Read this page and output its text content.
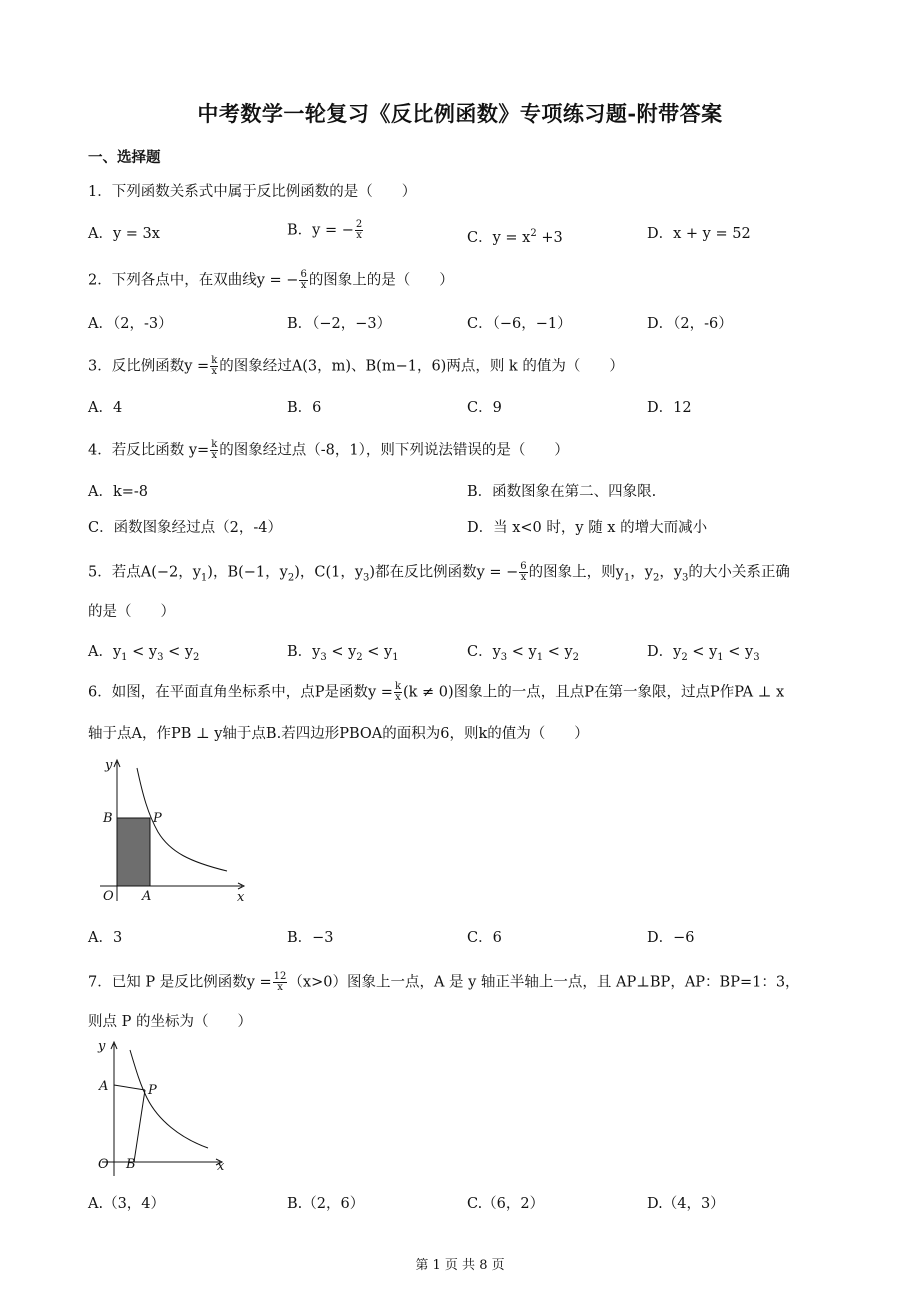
中考数学一轮复习《反比例函数》专项练习题-附带答案
一、选择题
1．下列函数关系式中属于反比例函数的是（　　）
A．y = 3x	B．y = − $\frac{2}{x}$	C．$y = x^2 +3$	D．x + y = 52
2．下列各点中，在双曲线y = − $\frac{6}{x}$ 的图象上的是（　　）
A．（2，-3）	B．（−2，−3）	C．（−6，−1）	D．（2，-6）
3．反比例函数$y = \frac{k}{x}$ 的图象经过A(3，m)、B(m−1，6)两点，则 k 的值为（　　）
A．4	B．6	C．9	D．12
4．若反比函数 $y= \frac{k}{x}$ 的图象经过点（-8，1），则下列说法错误的是（　　）
A．k=-8	B．函数图象在第二、四象限.
C．函数图象经过点（2，-4）	D．当 x<0 时，y 随 x 的增大而减小
5．若点A(−2，$y_1$)，B(−1，$y_2$)，C(1，$y_3$)都在反比例函数y = − $\frac{6}{x}$ 的图象上，则$y_1$，$y_2$，$y_3$的大小关系正确
的是（　　）
A．$y_1 < y_3 < y_2$	B．$y_3 < y_2 < y_1$	C．$y_3 < y_1 < y_2$	D．$y_2 < y_1 < y_3$
6．如图，在平面直角坐标系中，点P是函数$y = \frac{k}{x} (k \ne 0)$图象上的一点，且点P在第一象限，过点P作PA ⊥ x
轴于点A，作PB ⊥ y轴于点B.若四边形PBOA的面积为6，则k的值为（　　）
y
x
O A
B	P
A．3	B．−3	C．6	D．−6
7．已知 P 是反比例函数$y = \frac{12}{x} (x>0)$图象上一点，A 是 y 轴正半轴上一点，且 AP⊥BP，AP：BP=1：3，
则点 P 的坐标为（　　）
y
x
O B
A	P
A.（3，4）	B.（2，6）	C.（6，2）	D.（4，3）
第 1 页 共 8 页
